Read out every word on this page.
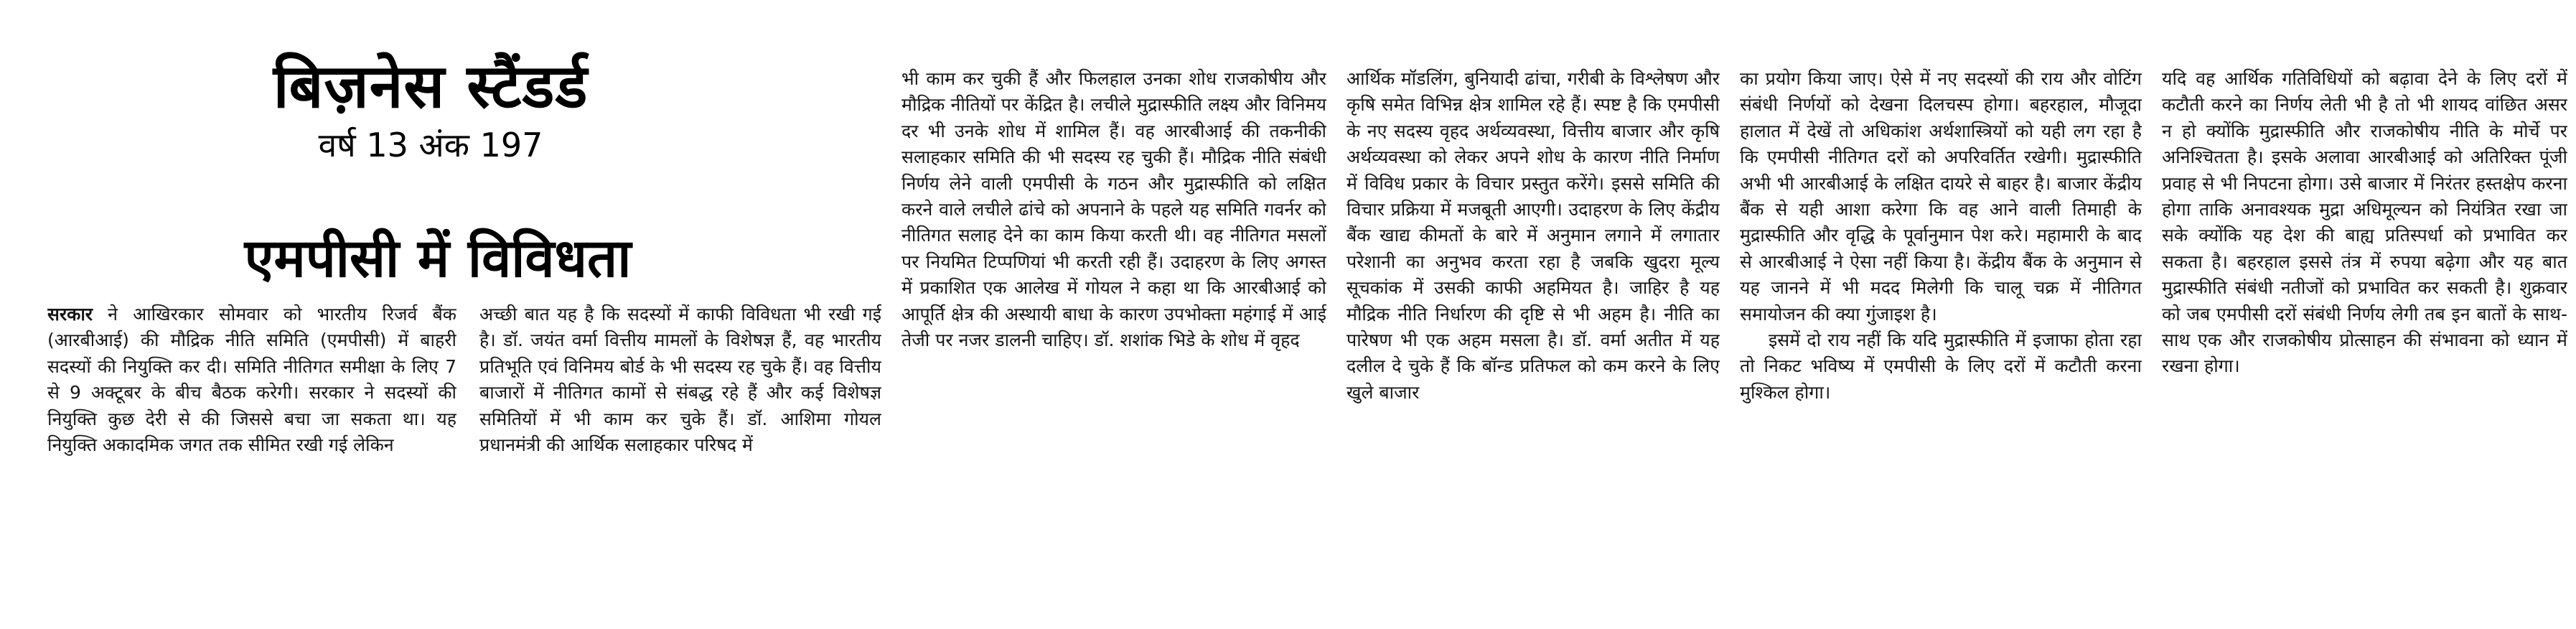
बिज़नेस स्टैंडर्ड
वर्ष 13 अंक 197
एमपीसी में विविधता
सरकार ने आखिरकार सोमवार को भारतीय रिजर्व बैंक (आरबीआई) की मौद्रिक नीति समिति (एमपीसी) में बाहरी सदस्यों की नियुक्ति कर दी। समिति नीतिगत समीक्षा के लिए 7 से 9 अक्टूबर के बीच बैठक करेगी। सरकार ने सदस्यों की नियुक्ति कुछ देरी से की जिससे बचा जा सकता था। यह नियुक्ति अकादमिक जगत तक सीमित रखी गई लेकिन
अच्छी बात यह है कि सदस्यों में काफी विविधता भी रखी गई है। डॉ. जयंत वर्मा वित्तीय मामलों के विशेषज्ञ हैं, वह भारतीय प्रतिभूति एवं विनिमय बोर्ड के भी सदस्य रह चुके हैं। वह वित्तीय बाजारों में नीतिगत कामों से संबद्ध रहे हैं और कई विशेषज्ञ समितियों में भी काम कर चुके हैं। डॉ. आशिमा गोयल प्रधानमंत्री की आर्थिक सलाहकार परिषद में
भी काम कर चुकी हैं और फिलहाल उनका शोध राजकोषीय और मौद्रिक नीतियों पर केंद्रित है। लचीले मुद्रास्फीति लक्ष्य और विनिमय दर भी उनके शोध में शामिल हैं। वह आरबीआई की तकनीकी सलाहकार समिति की भी सदस्य रह चुकी हैं। मौद्रिक नीति संबंधी निर्णय लेने वाली एमपीसी के गठन और मुद्रास्फीति को लक्षित करने वाले लचीले ढांचे को अपनाने के पहले यह समिति गवर्नर को नीतिगत सलाह देने का काम किया करती थी। वह नीतिगत मसलों पर नियमित टिप्पणियां भी करती रही हैं। उदाहरण के लिए अगस्त में प्रकाशित एक आलेख में गोयल ने कहा था कि आरबीआई को आपूर्ति क्षेत्र की अस्थायी बाधा के कारण उपभोक्ता महंगाई में आई तेजी पर नजर डालनी चाहिए। डॉ. शशांक भिडे के शोध में वृहद
आर्थिक मॉडलिंग, बुनियादी ढांचा, गरीबी के विश्लेषण और कृषि समेत विभिन्न क्षेत्र शामिल रहे हैं। स्पष्ट है कि एमपीसी के नए सदस्य वृहद अर्थव्यवस्था, वित्तीय बाजार और कृषि अर्थव्यवस्था को लेकर अपने शोध के कारण नीति निर्माण में विविध प्रकार के विचार प्रस्तुत करेंगे। इससे समिति की विचार प्रक्रिया में मजबूती आएगी। उदाहरण के लिए केंद्रीय बैंक खाद्य कीमतों के बारे में अनुमान लगाने में लगातार परेशानी का अनुभव करता रहा है जबकि खुदरा मूल्य सूचकांक में उसकी काफी अहमियत है। जाहिर है यह मौद्रिक नीति निर्धारण की दृष्टि से भी अहम है। नीति का पारेषण भी एक अहम मसला है। डॉ. वर्मा अतीत में यह दलील दे चुके हैं कि बॉन्ड प्रतिफल को कम करने के लिए खुले बाजार
का प्रयोग किया जाए। ऐसे में नए सदस्यों की राय और वोटिंग संबंधी निर्णयों को देखना दिलचस्प होगा। बहरहाल, मौजूदा हालात में देखें तो अधिकांश अर्थशास्त्रियों को यही लग रहा है कि एमपीसी नीतिगत दरों को अपरिवर्तित रखेगी। मुद्रास्फीति अभी भी आरबीआई के लक्षित दायरे से बाहर है। बाजार केंद्रीय बैंक से यही आशा करेगा कि वह आने वाली तिमाही के मुद्रास्फीति और वृद्धि के पूर्वानुमान पेश करे। महामारी के बाद से आरबीआई ने ऐसा नहीं किया है। केंद्रीय बैंक के अनुमान से यह जानने में भी मदद मिलेगी कि चालू चक्र में नीतिगत समायोजन की क्या गुंजाइश है।
इसमें दो राय नहीं कि यदि मुद्रास्फीति में इजाफा होता रहा तो निकट भविष्य में एमपीसी के लिए दरों में कटौती करना मुश्किल होगा।
यदि वह आर्थिक गतिविधियों को बढ़ावा देने के लिए दरों में कटौती करने का निर्णय लेती भी है तो भी शायद वांछित असर न हो क्योंकि मुद्रास्फीति और राजकोषीय नीति के मोर्चे पर अनिश्चितता है। इसके अलावा आरबीआई को अतिरिक्त पूंजी प्रवाह से भी निपटना होगा। उसे बाजार में निरंतर हस्तक्षेप करना होगा ताकि अनावश्यक मुद्रा अधिमूल्यन को नियंत्रित रखा जा सके क्योंकि यह देश की बाह्य प्रतिस्पर्धा को प्रभावित कर सकता है। बहरहाल इससे तंत्र में रुपया बढ़ेगा और यह बात मुद्रास्फीति संबंधी नतीजों को प्रभावित कर सकती है। शुक्रवार को जब एमपीसी दरों संबंधी निर्णय लेगी तब इन बातों के साथ-साथ एक और राजकोषीय प्रोत्साहन की संभावना को ध्यान में रखना होगा।
